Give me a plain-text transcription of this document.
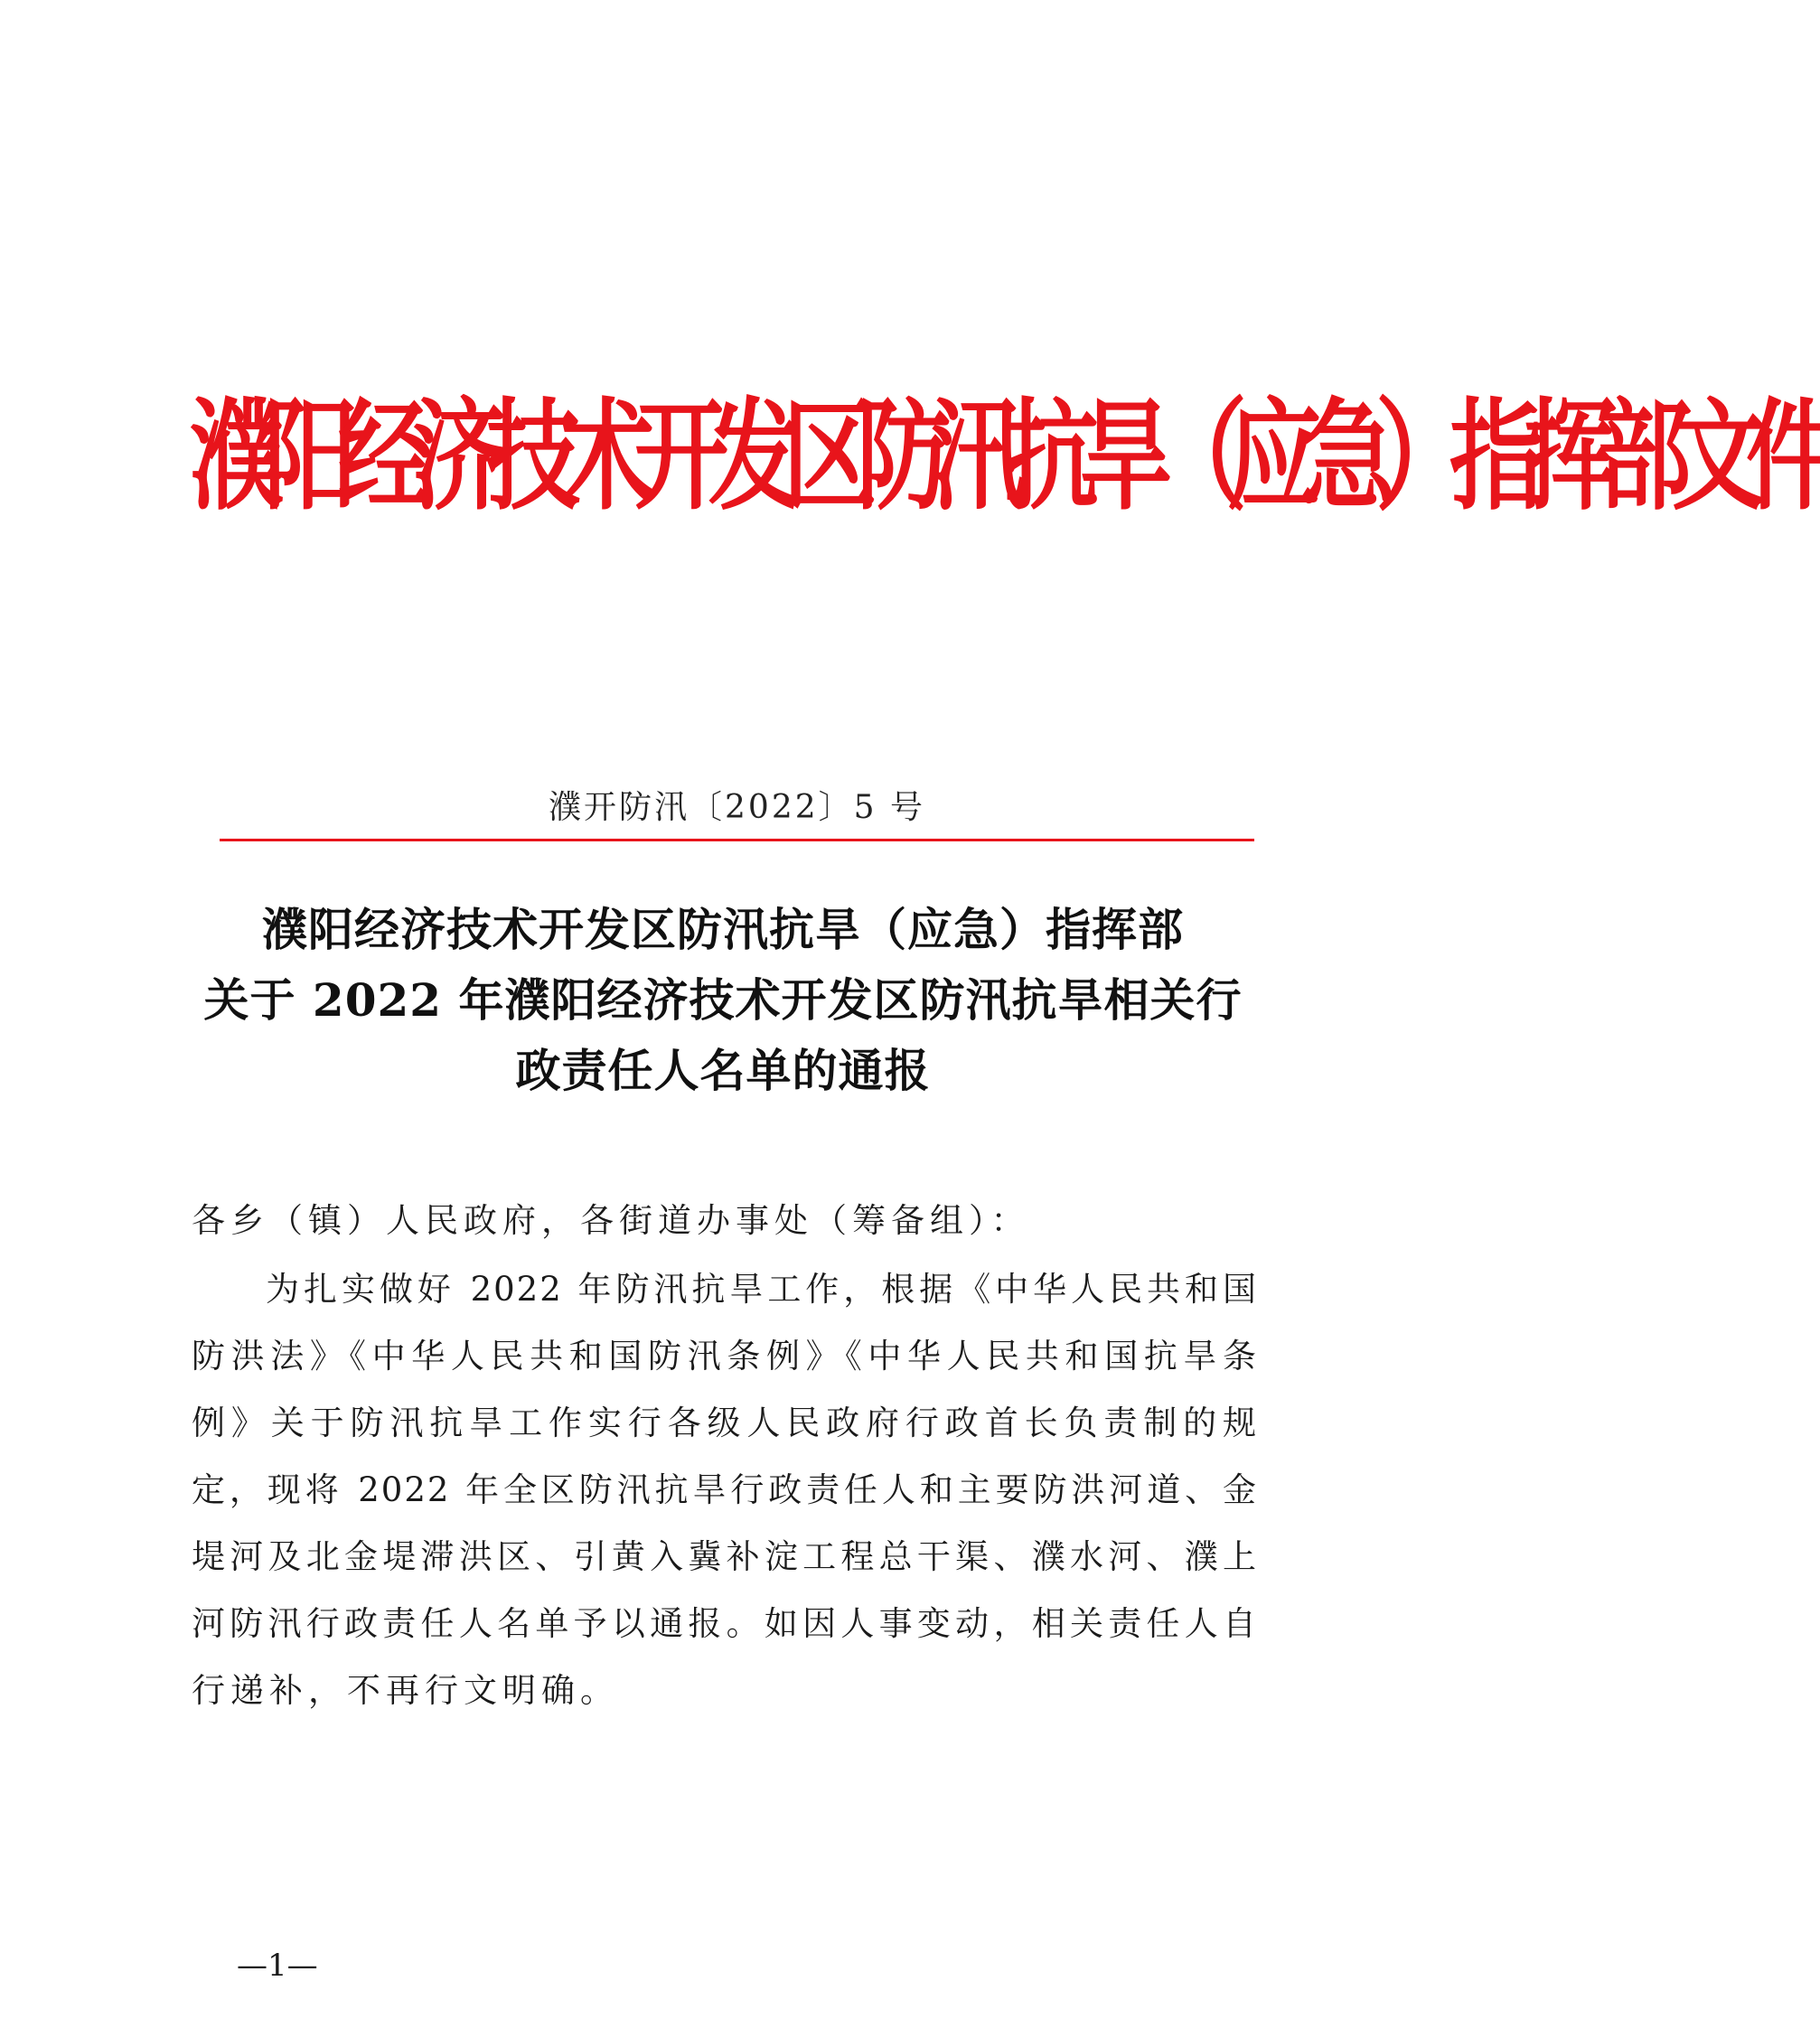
濮阳经济技术开发区防汛抗旱（应急）指挥部文件
濮开防汛〔2022〕5 号
濮阳经济技术开发区防汛抗旱（应急）指挥部
关于 2022 年濮阳经济技术开发区防汛抗旱相关行
政责任人名单的通报
各乡（镇）人民政府，各街道办事处（筹备组）：
为扎实做好 2022 年防汛抗旱工作，根据《中华人民共和国
防洪法》《中华人民共和国防汛条例》《中华人民共和国抗旱条
例》关于防汛抗旱工作实行各级人民政府行政首长负责制的规
定，现将 2022 年全区防汛抗旱行政责任人和主要防洪河道、金
堤河及北金堤滞洪区、引黄入冀补淀工程总干渠、濮水河、濮上
河防汛行政责任人名单予以通报。如因人事变动，相关责任人自
行递补，不再行文明确。
—1—
